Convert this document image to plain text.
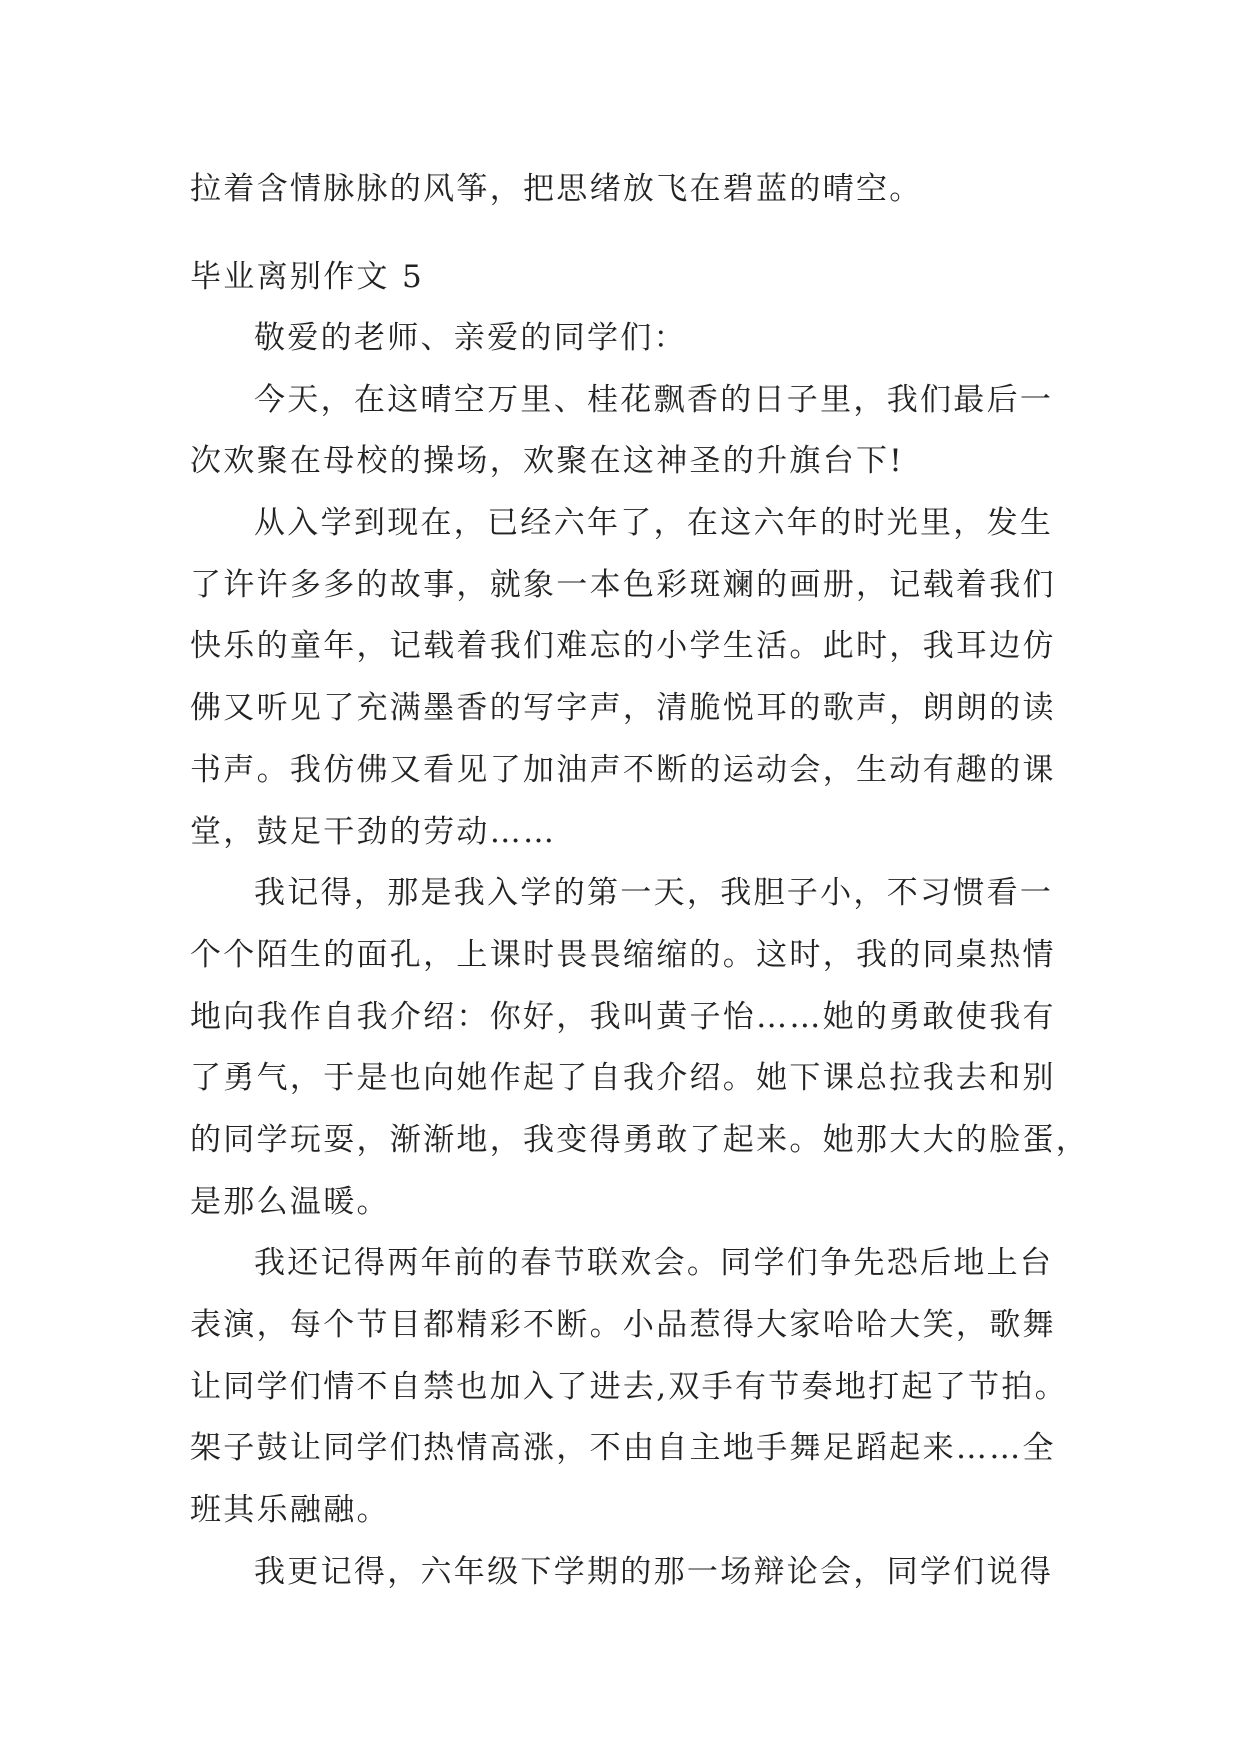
拉着含情脉脉的风筝，把思绪放飞在碧蓝的晴空。
毕业离别作文 5
敬爱的老师、亲爱的同学们：
今天，在这晴空万里、桂花飘香的日子里，我们最后一
次欢聚在母校的操场，欢聚在这神圣的升旗台下!
从入学到现在，已经六年了，在这六年的时光里，发生
了许许多多的故事，就象一本色彩斑斓的画册，记载着我们
快乐的童年，记载着我们难忘的小学生活。此时，我耳边仿
佛又听见了充满墨香的写字声，清脆悦耳的歌声，朗朗的读
书声。我仿佛又看见了加油声不断的运动会，生动有趣的课
堂，鼓足干劲的劳动……
我记得，那是我入学的第一天，我胆子小，不习惯看一
个个陌生的面孔，上课时畏畏缩缩的。这时，我的同桌热情
地向我作自我介绍：你好，我叫黄子怡……她的勇敢使我有
了勇气，于是也向她作起了自我介绍。她下课总拉我去和别
的同学玩耍，渐渐地，我变得勇敢了起来。她那大大的脸蛋，
是那么温暖。
我还记得两年前的春节联欢会。同学们争先恐后地上台
表演，每个节目都精彩不断。小品惹得大家哈哈大笑，歌舞
让同学们情不自禁也加入了进去,双手有节奏地打起了节拍。
架子鼓让同学们热情高涨，不由自主地手舞足蹈起来……全
班其乐融融。
我更记得，六年级下学期的那一场辩论会，同学们说得
